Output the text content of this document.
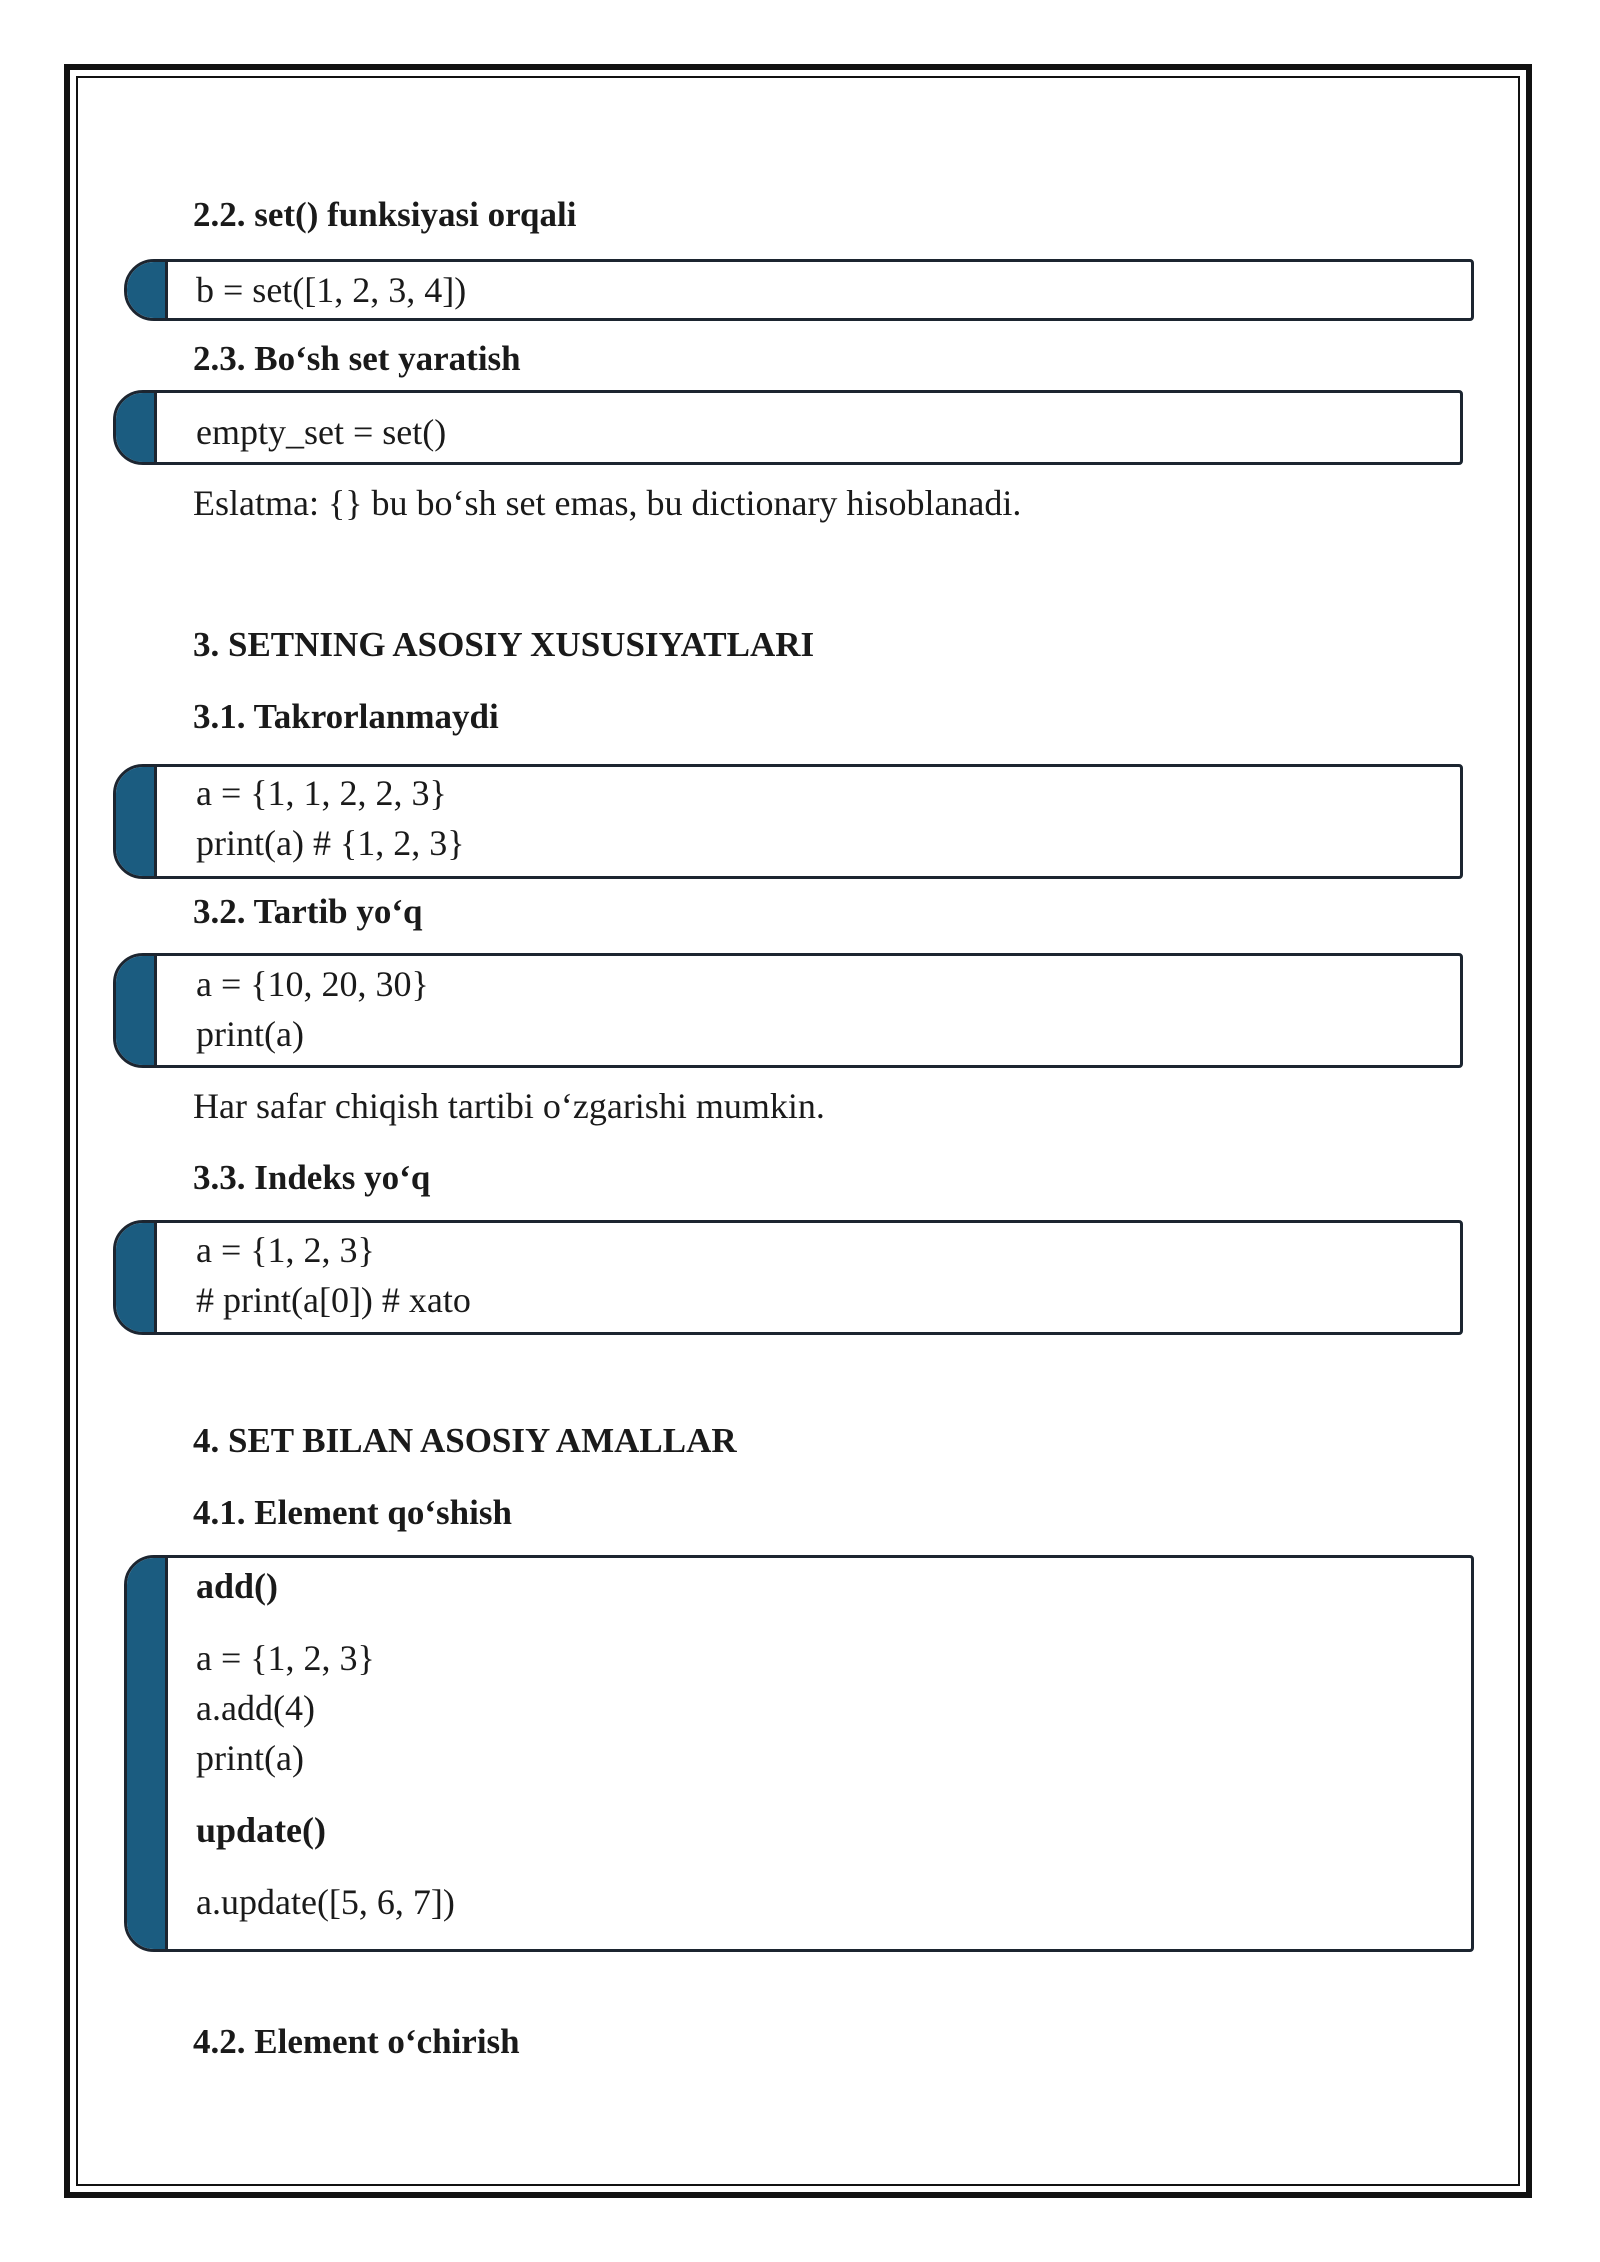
2.2. set() funksiyasi orqali
b = set([1, 2, 3, 4])
2.3. Bo‘sh set yaratish
empty_set = set()
Eslatma: {} bu bo‘sh set emas, bu dictionary hisoblanadi.
3. SETNING ASOSIY XUSUSIYATLARI
3.1. Takrorlanmaydi
a = {1, 1, 2, 2, 3}
print(a) # {1, 2, 3}
3.2. Tartib yo‘q
a = {10, 20, 30}
print(a)
Har safar chiqish tartibi o‘zgarishi mumkin.
3.3. Indeks yo‘q
a = {1, 2, 3}
# print(a[0]) # xato
4. SET BILAN ASOSIY AMALLAR
4.1. Element qo‘shish
add()
a = {1, 2, 3}
a.add(4)
print(a)
update()
a.update([5, 6, 7])
4.2. Element o‘chirish
